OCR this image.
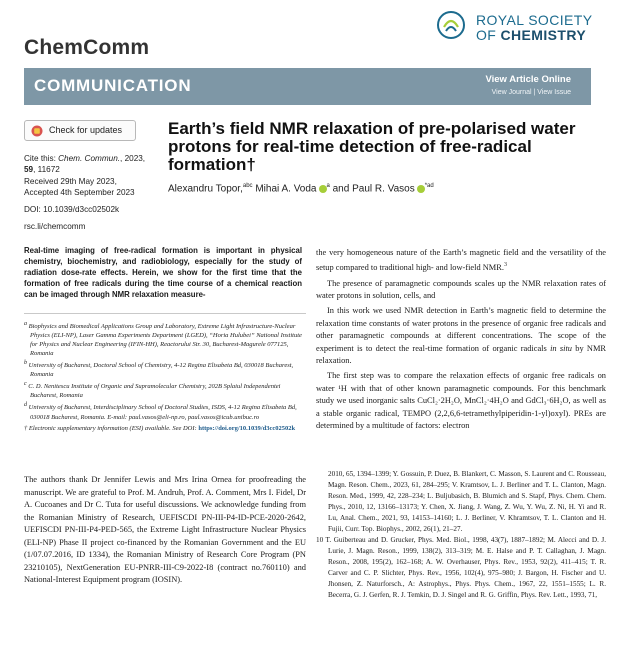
ChemComm
ROYAL SOCIETY
OF CHEMISTRY
COMMUNICATION	View Article Online
View Journal | View Issue
Check for updates
Cite this: Chem. Commun., 2023,
59, 11672
Received 29th May 2023,
Accepted 4th September 2023
DOI: 10.1039/d3cc02502k
rsc.li/chemcomm
Earth’s field NMR relaxation of pre-polarised water protons for real-time detection of free-radical formation†
Alexandru Topor,$^{abc}$ Mihai A. Voda $^a$ and Paul R. Vasos $^{*ad}$
Real-time imaging of free-radical formation is important in physical chemistry, biochemistry, and radiobiology, especially for the study of radiation dose-rate effects. Herein, we show for the first time that the formation of free radicals during the time course of a chemical reaction can be imaged through NMR relaxation measure-
$^a$ Biophysics and Biomedical Applications Group and Laboratory, Extreme Light Infrastructure-Nuclear Physics (ELI-NP), Laser Gamma Experiments Department (LGED), “Horia Hulubei” National Institute for Physics and Nuclear Engineering (IFIN-HH), Reactorului Str. 30, Bucharest-Magurele 077125, Romania
$^b$ University of Bucharest, Doctoral School of Chemistry, 4-12 Regina Elisabeta Bd, 030018 Bucharest, Romania
$^c$ C. D. Nenitescu Institute of Organic and Supramolecular Chemistry, 202B Splaiul Independentei Bucharest, Romania
$^d$ University of Bucharest, Interdisciplinary School of Doctoral Studies, ISDS, 4-12 Regina Elisabeta Bd, 030018 Bucharest, Romania. E-mail: paul.vasos@eli-np.ro, paul.vasos@icub.unibuc.ro
† Electronic supplementary information (ESI) available. See DOI: https://doi.org/10.1039/d3cc02502k
The authors thank Dr Jennifer Lewis and Mrs Irina Ornea for proofreading the manuscript. We are grateful to Prof. M. Andruh, Prof. A. Comment, Mrs I. Fidel, Dr A. Cucoanes and Dr C. Tuta for useful discussions. We acknowledge funding from the Romanian Ministry of Research, UEFISCDI PN-III-P4-ID-PCE-2020-2642, UEFISCDI PN-III-P4-PED-565, the Extreme Light Infrastructure Nuclear Physics (ELI-NP) Phase II project co-financed by the Romanian Government and the EU (1/07.07.2016, ID 1334), the Romanian Ministry of Research Core Program (PN 23210105), NextGeneration EU-PNRR-III-C9-2022-I8 (contract no.760110) and National-Interest Equipment program (IOSIN).

the very homogeneous nature of the Earth’s magnetic field and the versatility of the setup compared to traditional high- and low-field NMR.$^3$

The presence of paramagnetic compounds scales up the NMR relaxation rates of water protons in solution, cells, and

In this work we used NMR detection in Earth’s magnetic field to determine the relaxation time constants of water protons in the presence of organic free radicals and other paramagnetic compounds at different concentrations. The scope of the experiment is to detect the real-time formation of organic radicals in situ by NMR relaxation.

The first step was to compare the relaxation effects of organic free radicals on water ¹H with that of other known paramagnetic compounds. For this benchmark study we used inorganic salts CuCl₂·2H₂O, MnCl₂·4H₂O and GdCl₃·6H₂O, as well as a stable organic radical, TEMPO (2,2,6,6-tetramethylpiperidin-1-yl)oxyl). PREs are determined by a multitude of factors: electron

2010, 65, 1394–1399; Y. Gossuin, P. Duez, B. Blankert, C. Masson, S. Laurent and C. Rousseau, Magn. Reson. Chem., 2023, 61, 284–295; V. Kramtsov, L. J. Berliner and T. L. Clanton, Magn. Reson. Med., 1999, 42, 228–234; L. Buljubasich, B. Blumich and S. Stapf, Phys. Chem. Chem. Phys., 2010, 12, 13166–13173; Y. Chen, X. Jiang, J. Wang, Z. Wu, Y. Wu, Z. Ni, H. Yi and R. Lu, Anal. Chem., 2021, 93, 14153–14160; L. J. Berliner, V. Khramtsov, T. L. Clanton and H. Fujii, Curr. Top. Biophys., 2002, 26(1), 21–27.
10 T. Guiberteau and D. Grucker, Phys. Med. Biol., 1998, 43(7), 1887–1892; M. Alecci and D. J. Lurie, J. Magn. Reson., 1999, 138(2), 313–319; M. E. Halse and P. T. Callaghan, J. Magn. Reson., 2008, 195(2), 162–168; A. W. Overhauser, Phys. Rev., 1953, 92(2), 411–415; T. R. Carver and C. P. Slichter, Phys. Rev., 1956, 102(4), 975–980; J. Bargon, H. Fischer and U. Jhonsen, Z. Naturforsch., A: Astrophys., Phys. Phys. Chem., 1967, 22, 1551–1555; L. R. Becerra, G. J. Gerfen, R. J. Temkin, D. J. Singel and R. G. Griffin, Phys. Rev. Lett., 1993, 71,
